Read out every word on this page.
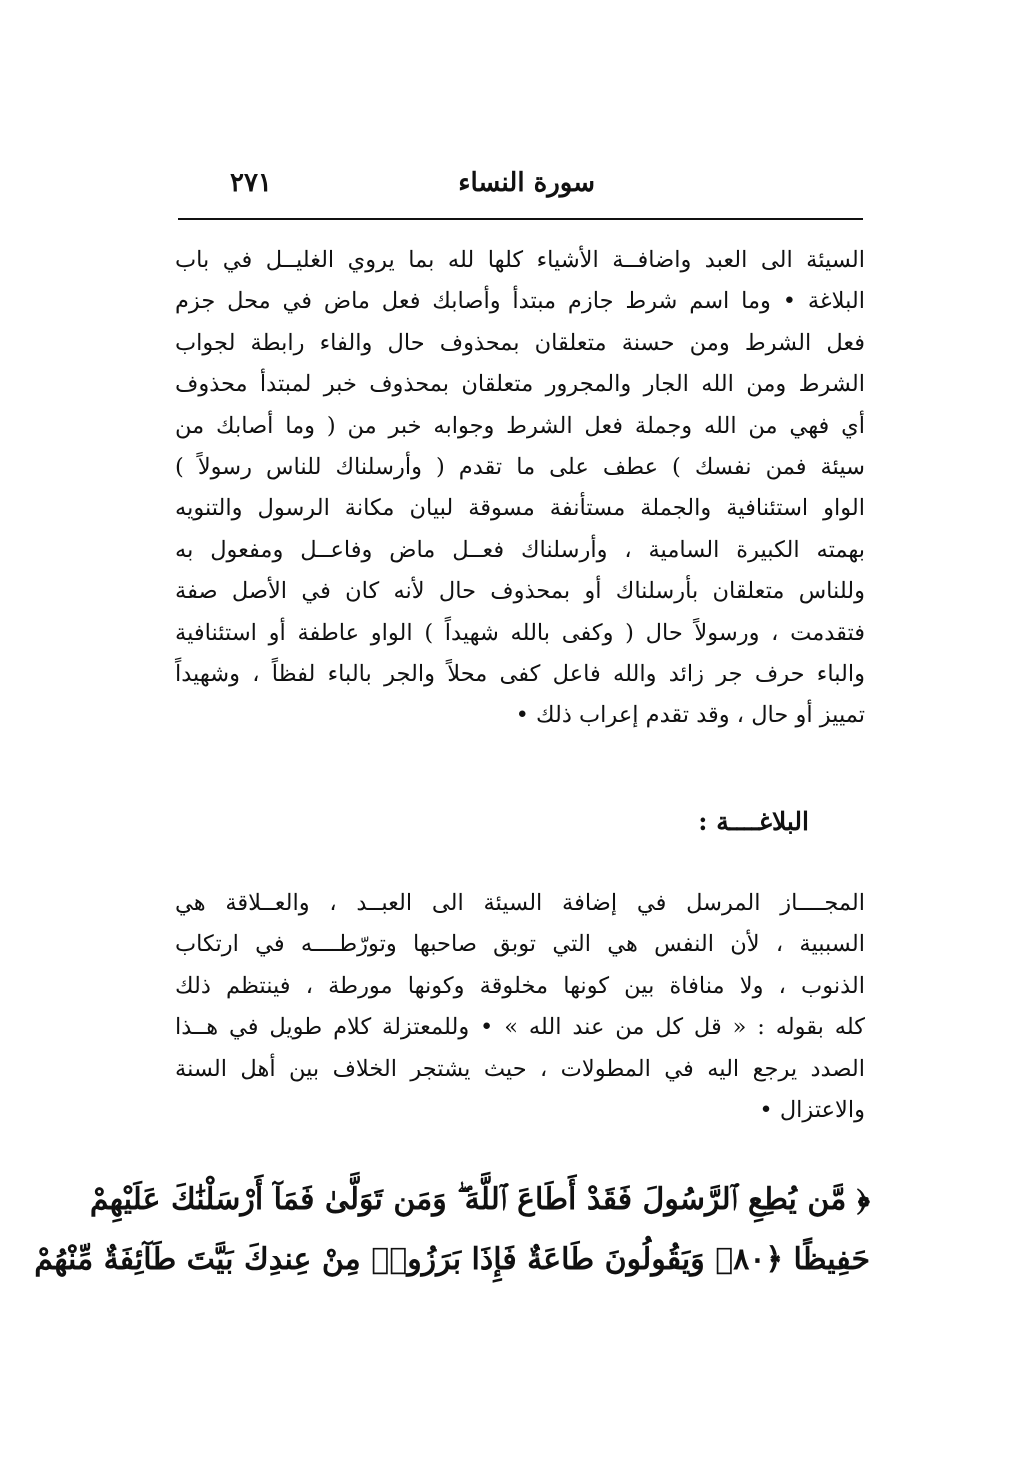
سورة النساء
٢٧١
السيئة الى العبد واضافــة الأشياء كلها لله بما يروي الغليــل في باب
البلاغة • وما اسم شرط جازم مبتدأ وأصابك فعل ماض في محل جزم
فعل الشرط ومن حسنة متعلقان بمحذوف حال والفاء رابطة لجواب
الشرط ومن الله الجار والمجرور متعلقان بمحذوف خبر لمبتدأ محذوف
أي فهي من الله وجملة فعل الشرط وجوابه خبر من ( وما أصابك من
سيئة فمن نفسك ) عطف على ما تقدم ( وأرسلناك للناس رسولاً )
الواو استئنافية والجملة مستأنفة مسوقة لبيان مكانة الرسول والتنويه
بهمته الكبيرة السامية ، وأرسلناك فعــل ماض وفاعــل ومفعول به
وللناس متعلقان بأرسلناك أو بمحذوف حال لأنه كان في الأصل صفة
فتقدمت ، ورسولاً حال ( وكفى بالله شهيداً ) الواو عاطفة أو استئنافية
والباء حرف جر زائد والله فاعل كفى محلاً والجر بالباء لفظاً ، وشهيداً
تمييز أو حال ، وقد تقدم إعراب ذلك •
البلاغــــة :
المجــــاز المرسل في إضافة السيئة الى العبــد ، والعــلاقة هي
السببية ، لأن النفس هي التي توبق صاحبها وتورّطــــه في ارتكاب
الذنوب ، ولا منافاة بين كونها مخلوقة وكونها مورطة ، فينتظم ذلك
كله بقوله : « قل كل من عند الله » • وللمعتزلة كلام طويل في هــذا
الصدد يرجع اليه في المطولات ، حيث يشتجر الخلاف بين أهل السنة
والاعتزال •
﴿ مَّن يُطِعِ ٱلرَّسُولَ فَقَدْ أَطَاعَ ٱللَّهَ ۖ وَمَن تَوَلَّىٰ فَمَآ أَرْسَلْنَٰكَ عَلَيْهِمْ
حَفِيظًا ﴿٨٠﴾ وَيَقُولُونَ طَاعَةٌ فَإِذَا بَرَزُوا۟ مِنْ عِندِكَ بَيَّتَ طَآئِفَةٌ مِّنْهُمْ
